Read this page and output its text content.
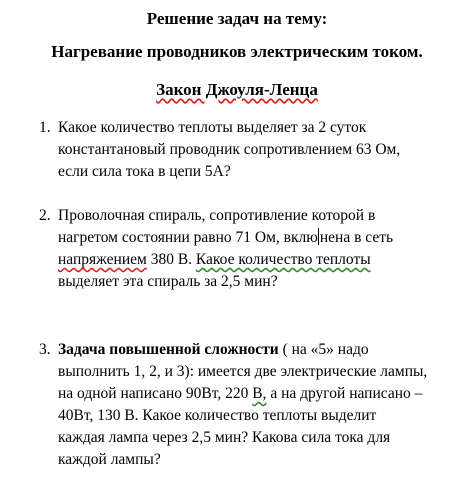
Решение задач на тему:
Нагревание проводников электрическим током.
Закон Джоуля-Ленца
1. Какое количество теплоты выделяет за 2 суток
константановый проводник сопротивлением 63 Ом,
если сила тока в цепи 5А?
2. Проволочная спираль, сопротивление которой в
нагретом состоянии равно 71 Ом, вклю нена в сеть
напряжением 380 В. Какое количество теплоты
выделяет эта спираль за 2,5 мин?
3. Задача повышенной сложности ( на «5» надо
выполнить 1, 2, и 3): имеется две электрические лампы,
на одной написано 90Вт, 220 В, а на другой написано –
40Вт, 130 В. Какое количество теплоты выделит
каждая лампа через 2,5 мин? Какова сила тока для
каждой лампы?
